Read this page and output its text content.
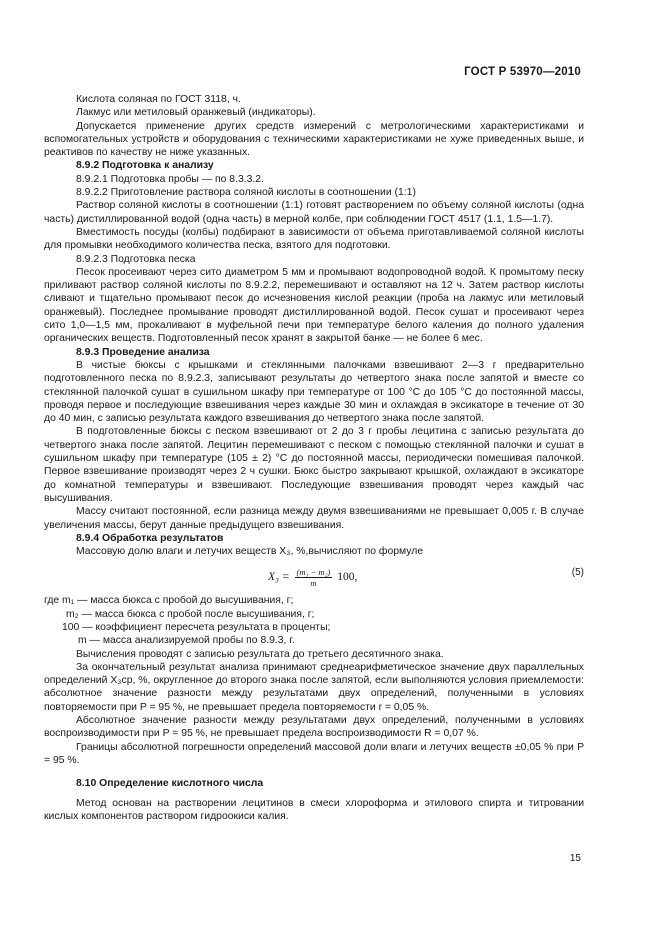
ГОСТ Р 53970—2010

Кислота соляная по ГОСТ 3118, ч.

Лакмус или метиловый оранжевый (индикаторы).

Допускается применение других средств измерений с метрологическими характеристиками и вспомогательных устройств и оборудования с техническими характеристиками не хуже приведенных выше, и реактивов по качеству не ниже указанных.

8.9.2 Подготовка к анализу

8.9.2.1 Подготовка пробы — по 8.3.3.2.

8.9.2.2 Приготовление раствора соляной кислоты в соотношении (1:1)

Раствор соляной кислоты в соотношении (1:1) готовят растворением по объему соляной кислоты (одна часть) дистиллированной водой (одна часть) в мерной колбе, при соблюдении ГОСТ 4517 (1.1, 1.5—1.7).

Вместимость посуды (колбы) подбирают в зависимости от объема приготавливаемой соляной кислоты для промывки необходимого количества песка, взятого для подготовки.

8.9.2.3 Подготовка песка

Песок просеивают через сито диаметром 5 мм и промывают водопроводной водой. К промытому песку приливают раствор соляной кислоты по 8.9.2.2, перемешивают и оставляют на 12 ч. Затем раствор кислоты сливают и тщательно промывают песок до исчезновения кислой реакции (проба на лакмус или метиловый оранжевый). Последнее промывание проводят дистиллированной водой. Песок сушат и просеивают через сито 1,0—1,5 мм, прокаливают в муфельной печи при температуре белого каления до полного удаления органических веществ. Подготовленный песок хранят в закрытой банке — не более 6 мес.

8.9.3 Проведение анализа

В чистые бюксы с крышками и стеклянными палочками взвешивают 2—3 г предварительно подготовленного песка по 8.9.2.3, записывают результаты до четвертого знака после запятой и вместе со стеклянной палочкой сушат в сушильном шкафу при температуре от 100 °С до 105 °С до постоянной массы, проводя первое и последующие взвешивания через каждые 30 мин и охлаждая в эксикаторе в течение от 30 до 40 мин, с записью результата каждого взвешивания до четвертого знака после запятой.

В подготовленные бюксы с песком взвешивают от 2 до 3 г пробы лецитина с записью результата до четвертого знака после запятой. Лецитин перемешивают с песком с помощью стеклянной палочки и сушат в сушильном шкафу при температуре (105 ± 2) °С до постоянной массы, периодически помешивая палочкой. Первое взвешивание производят через 2 ч сушки. Бюкс быстро закрывают крышкой, охлаждают в эксикаторе до комнатной температуры и взвешивают. Последующие взвешивания проводят через каждый час высушивания.

Массу считают постоянной, если разница между двумя взвешиваниями не превышает 0,005 г. В случае увеличения массы, берут данные предыдущего взвешивания.

8.9.4 Обработка результатов

Массовую долю влаги и летучих веществ X₃, %,вычисляют по формуле

$X_3 = \frac{\text{(m₁ − m₂)}}{m} 100$,	(5)

где m₁ — масса бюкса с пробой до высушивания, г;

m₂ — масса бюкса с пробой после высушивания, г;

100 — коэффициент пересчета результата в проценты;

m — масса анализируемой пробы по 8.9.3, г.

Вычисления проводят с записью результата до третьего десятичного знака.

За окончательный результат анализа принимают среднеарифметическое значение двух параллельных определений X₃ср, %, округленное до второго знака после запятой, если выполняются условия приемлемости: абсолютное значение разности между результатами двух определений, полученными в условиях повторяемости при P = 95 %, не превышает предела повторяемости r = 0,05 %.

Абсолютное значение разности между результатами двух определений, полученными в условиях воспроизводимости при P = 95 %, не превышает предела воспроизводимости R = 0,07 %.

Границы абсолютной погрешности определений массовой доли влаги и летучих веществ ±0,05 % при P = 95 %.

8.10 Определение кислотного числа

Метод основан на растворении лецитинов в смеси хлороформа и этилового спирта и титровании кислых компонентов раствором гидроокиси калия.

15
